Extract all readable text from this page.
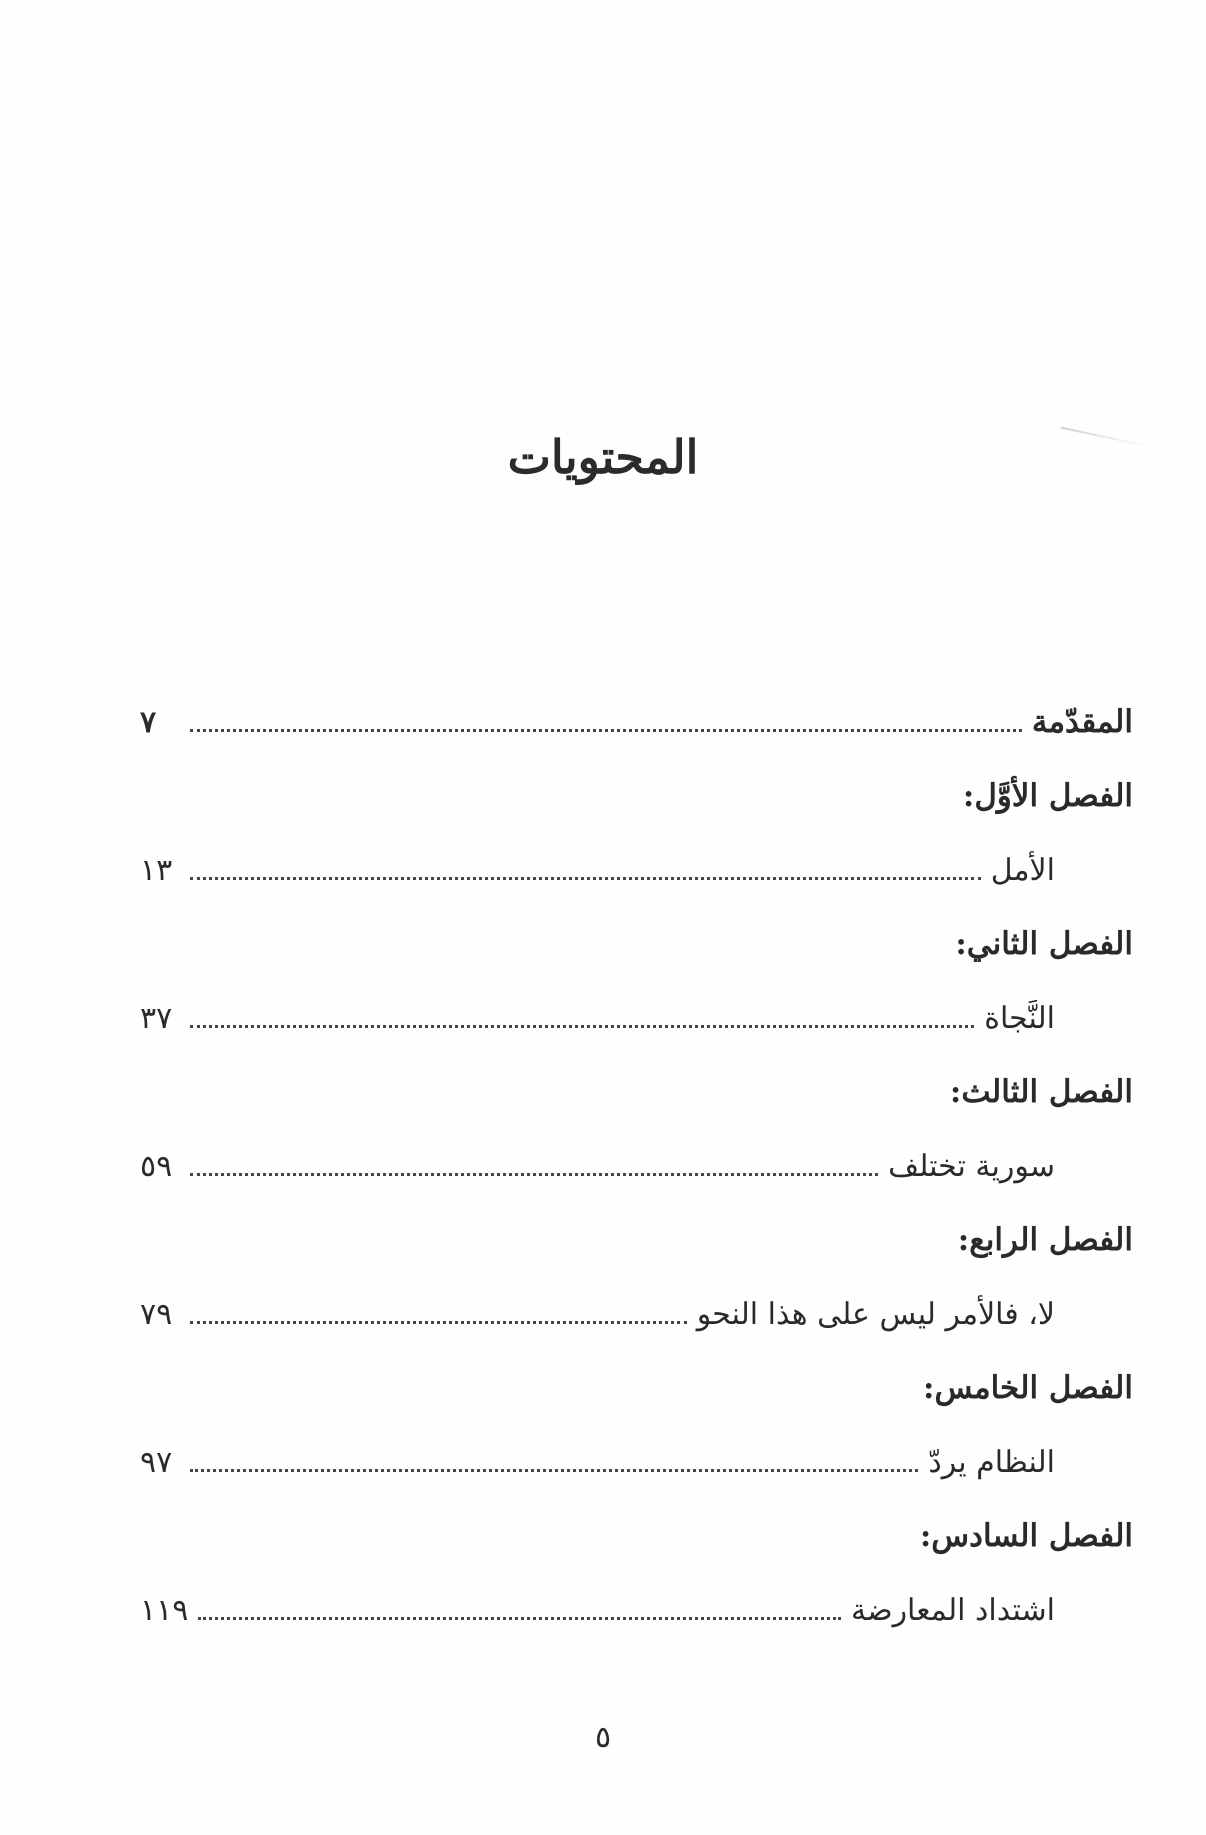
المحتويات
المقدّمة
٧
الفصل الأوَّل:
الأمل
١٣
الفصل الثاني:
النَّجاة
٣٧
الفصل الثالث:
سورية تختلف
٥٩
الفصل الرابع:
لا، فالأمر ليس على هذا النحو
٧٩
الفصل الخامس:
النظام يردّ
٩٧
الفصل السادس:
اشتداد المعارضة
١١٩
٥
